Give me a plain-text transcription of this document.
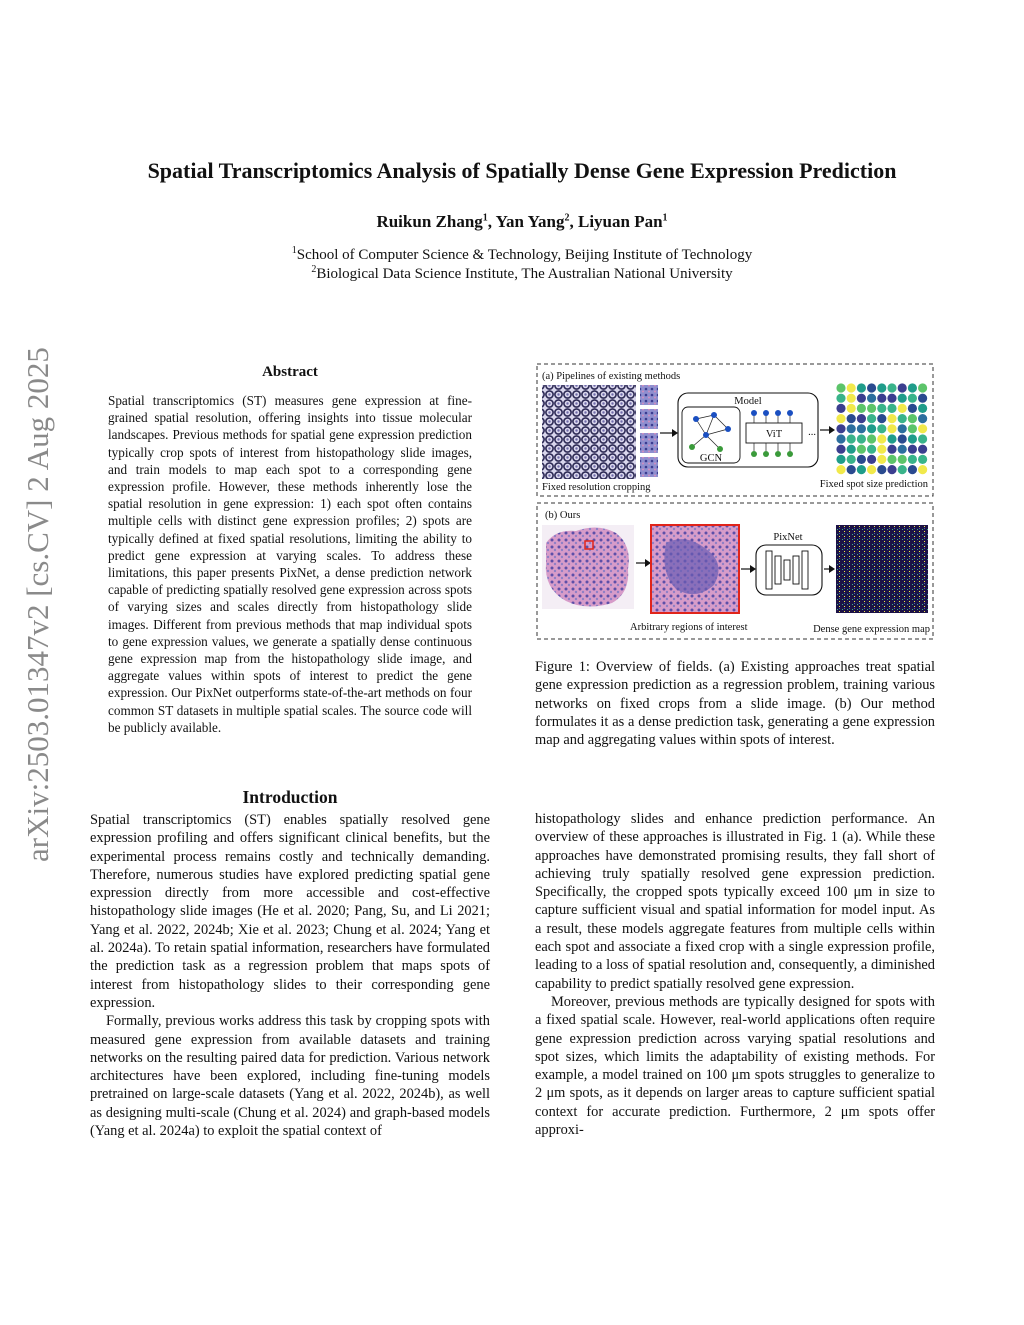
arXiv:2503.01347v2 [cs.CV] 2 Aug 2025
Spatial Transcriptomics Analysis of Spatially Dense Gene Expression Prediction
Ruikun Zhang$^1$, Yan Yang$^2$, Liyuan Pan$^1$
$^1$School of Computer Science & Technology, Beijing Institute of Technology
$^2$Biological Data Science Institute, The Australian National University
Abstract
Spatial transcriptomics (ST) measures gene expression at fine-grained spatial resolution, offering insights into tissue molecular landscapes. Previous methods for spatial gene expression prediction typically crop spots of interest from histopathology slide images, and train models to map each spot to a corresponding gene expression profile. However, these methods inherently lose the spatial resolution in gene expression: 1) each spot often contains multiple cells with distinct gene expression profiles; 2) spots are typically defined at fixed spatial resolutions, limiting the ability to predict gene expression at varying scales. To address these limitations, this paper presents PixNet, a dense prediction network capable of predicting spatially resolved gene expression across spots of varying sizes and scales directly from histopathology slide images. Different from previous methods that map individual spots to gene expression values, we generate a spatially dense continuous gene expression map from the histopathology slide image, and aggregate values within spots of interest to predict the gene expression. Our PixNet outperforms state-of-the-art methods on four common ST datasets in multiple spatial scales. The source code will be publicly available.
(a) Pipelines of existing methods
Fixed resolution cropping
Model
GCN
ViT ...
Fixed spot size prediction
(b) Ours
Arbitrary regions of interest
PixNet
Dense gene expression map
Figure 1: Overview of fields. (a) Existing approaches treat spatial gene expression prediction as a regression problem, training various networks on fixed crops from a slide image. (b) Our method formulates it as a dense prediction task, generating a gene expression map and aggregating values within spots of interest.
Introduction

Spatial transcriptomics (ST) enables spatially resolved gene expression profiling and offers significant clinical benefits, but the experimental process remains costly and technically demanding. Therefore, numerous studies have explored predicting spatial gene expression directly from more accessible and cost-effective histopathology slide images (He et al. 2020; Pang, Su, and Li 2021; Yang et al. 2022, 2024b; Xie et al. 2023; Chung et al. 2024; Yang et al. 2024a). To retain spatial information, researchers have formulated the prediction task as a regression problem that maps spots of interest from histopathology slides to their corresponding gene expression.

Formally, previous works address this task by cropping spots with measured gene expression from available datasets and training networks on the resulting paired data for prediction. Various network architectures have been explored, including fine-tuning models pretrained on large-scale datasets (Yang et al. 2022, 2024b), as well as designing multi-scale (Chung et al. 2024) and graph-based models (Yang et al. 2024a) to exploit the spatial context of

histopathology slides and enhance prediction performance. An overview of these approaches is illustrated in Fig. 1 (a). While these approaches have demonstrated promising results, they fall short of achieving truly spatially resolved gene expression prediction. Specifically, the cropped spots typically exceed 100 μm in size to capture sufficient visual and spatial information for model input. As a result, these models aggregate features from multiple cells within each spot and associate a fixed crop with a single expression profile, leading to a loss of spatial resolution and, consequently, a diminished capability to predict spatially resolved gene expression.

Moreover, previous methods are typically designed for spots with a fixed spatial scale. However, real-world applications often require gene expression prediction across varying spatial resolutions and spot sizes, which limits the adaptability of existing methods. For example, a model trained on 100 μm spots struggles to generalize to 2 μm spots, as it depends on larger areas to capture sufficient spatial context for accurate prediction. Furthermore, 2 μm spots offer approxi-
